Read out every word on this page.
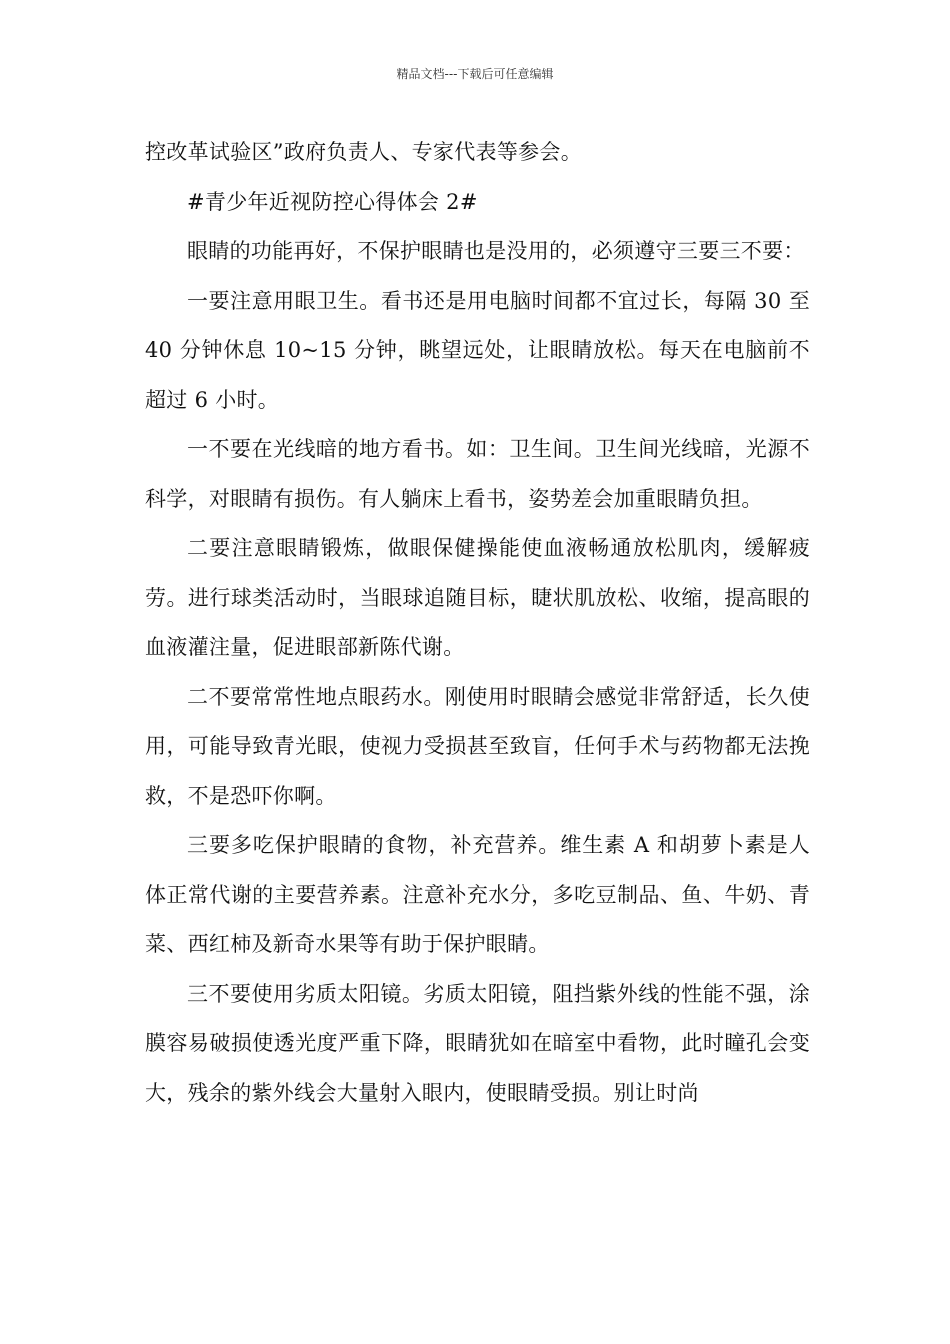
精品文档---下载后可任意编辑

控改革试验区”政府负责人、专家代表等参会。

#青少年近视防控心得体会 2#

眼睛的功能再好，不保护眼睛也是没用的，必须遵守三要三不要：

一要注意用眼卫生。看书还是用电脑时间都不宜过长，每隔 30 至 40 分钟休息 10~15 分钟，眺望远处，让眼睛放松。每天在电脑前不超过 6 小时。

一不要在光线暗的地方看书。如：卫生间。卫生间光线暗，光源不科学，对眼睛有损伤。有人躺床上看书，姿势差会加重眼睛负担。

二要注意眼睛锻炼，做眼保健操能使血液畅通放松肌肉，缓解疲劳。进行球类活动时，当眼球追随目标，睫状肌放松、收缩，提高眼的血液灌注量，促进眼部新陈代谢。

二不要常常性地点眼药水。刚使用时眼睛会感觉非常舒适，长久使用，可能导致青光眼，使视力受损甚至致盲，任何手术与药物都无法挽救，不是恐吓你啊。

三要多吃保护眼睛的食物，补充营养。维生素 A 和胡萝卜素是人体正常代谢的主要营养素。注意补充水分，多吃豆制品、鱼、牛奶、青菜、西红柿及新奇水果等有助于保护眼睛。

三不要使用劣质太阳镜。劣质太阳镜，阻挡紫外线的性能不强，涂膜容易破损使透光度严重下降，眼睛犹如在暗室中看物，此时瞳孔会变大，残余的紫外线会大量射入眼内，使眼睛受损。别让时尚
